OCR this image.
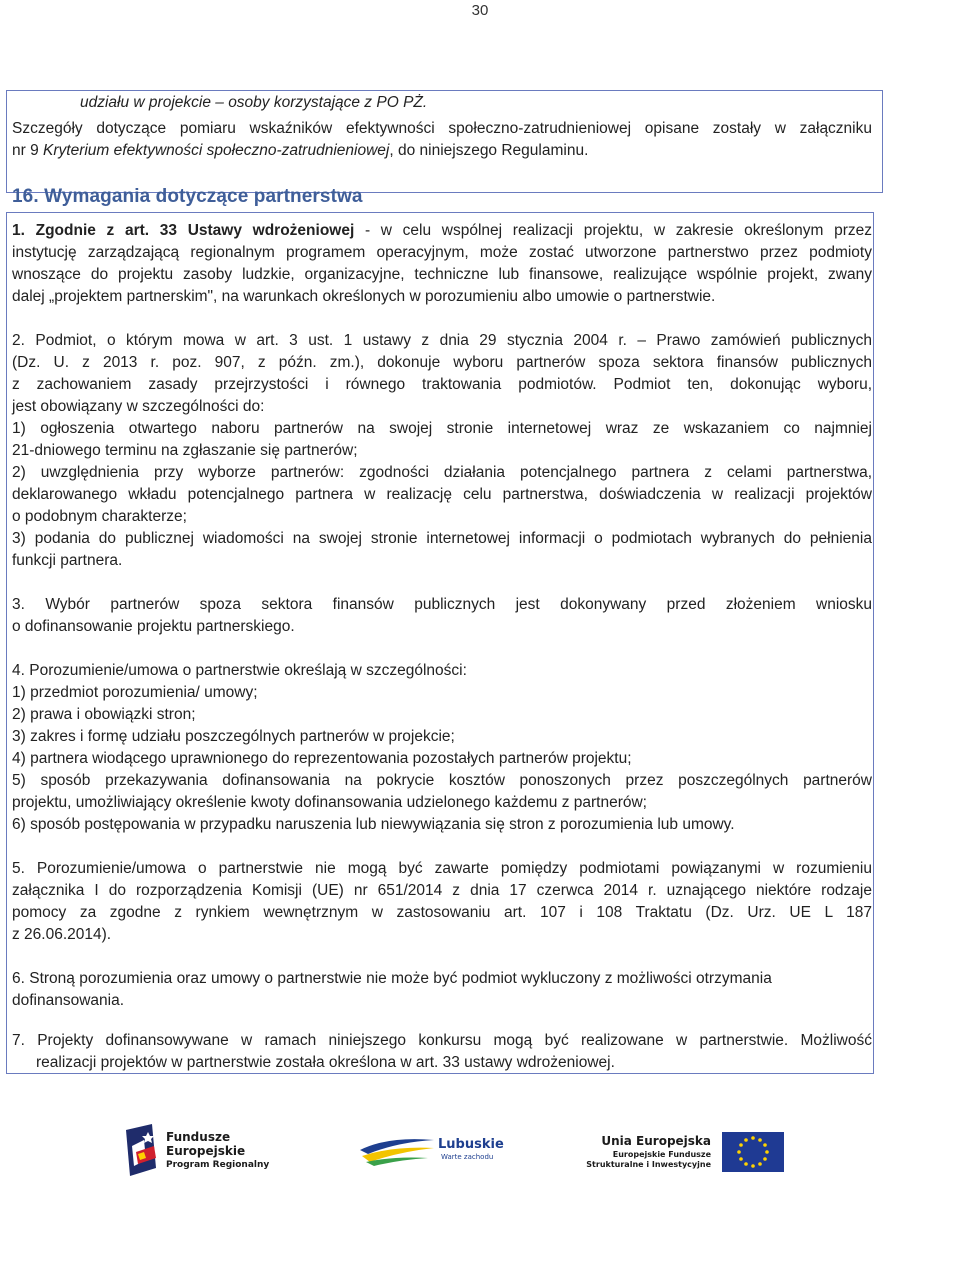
30
udziału w projekcie – osoby korzystające z PO PŻ.
Szczegóły dotyczące pomiaru wskaźników efektywności społeczno-zatrudnieniowej opisane zostały w załączniku
nr 9 Kryterium efektywności społeczno-zatrudnieniowej, do niniejszego Regulaminu.
16. Wymagania dotyczące partnerstwa
1. Zgodnie z art. 33 Ustawy wdrożeniowej - w celu wspólnej realizacji projektu, w zakresie określonym przez
instytucję zarządzającą regionalnym programem operacyjnym, może zostać utworzone partnerstwo przez podmioty
wnoszące do projektu zasoby ludzkie, organizacyjne, techniczne lub finansowe, realizujące wspólnie projekt, zwany
dalej „projektem partnerskim", na warunkach określonych w porozumieniu albo umowie o partnerstwie.
2. Podmiot, o którym mowa w art. 3 ust. 1 ustawy z dnia 29 stycznia 2004 r. – Prawo zamówień publicznych
(Dz. U. z 2013 r. poz. 907, z późn. zm.), dokonuje wyboru partnerów spoza sektora finansów publicznych
z zachowaniem zasady przejrzystości i równego traktowania podmiotów. Podmiot ten, dokonując wyboru,
jest obowiązany w szczególności do:
1) ogłoszenia otwartego naboru partnerów na swojej stronie internetowej wraz ze wskazaniem co najmniej
21-dniowego terminu na zgłaszanie się partnerów;
2) uwzględnienia przy wyborze partnerów: zgodności działania potencjalnego partnera z celami partnerstwa,
deklarowanego wkładu potencjalnego partnera w realizację celu partnerstwa, doświadczenia w realizacji projektów
o podobnym charakterze;
3) podania do publicznej wiadomości na swojej stronie internetowej informacji o podmiotach wybranych do pełnienia
funkcji partnera.
3. Wybór partnerów spoza sektora finansów publicznych jest dokonywany przed złożeniem wniosku
o dofinansowanie projektu partnerskiego.
4. Porozumienie/umowa o partnerstwie określają w szczególności:
1) przedmiot porozumienia/ umowy;
2) prawa i obowiązki stron;
3) zakres i formę udziału poszczególnych partnerów w projekcie;
4) partnera wiodącego uprawnionego do reprezentowania pozostałych partnerów projektu;
5) sposób przekazywania dofinansowania na pokrycie kosztów ponoszonych przez poszczególnych partnerów
projektu, umożliwiający określenie kwoty dofinansowania udzielonego każdemu z partnerów;
6) sposób postępowania w przypadku naruszenia lub niewywiązania się stron z porozumienia lub umowy.
5. Porozumienie/umowa o partnerstwie nie mogą być zawarte pomiędzy podmiotami powiązanymi w rozumieniu
załącznika I do rozporządzenia Komisji (UE) nr 651/2014 z dnia 17 czerwca 2014 r. uznającego niektóre rodzaje
pomocy za zgodne z rynkiem wewnętrznym w zastosowaniu art. 107 i 108 Traktatu (Dz. Urz. UE L 187
z 26.06.2014).
6. Stroną porozumienia oraz umowy o partnerstwie nie może być podmiot wykluczony z możliwości otrzymania
dofinansowania.
7. Projekty dofinansowywane w ramach niniejszego konkursu mogą być realizowane w partnerstwie. Możliwość
realizacji projektów w partnerstwie została określona w art. 33 ustawy wdrożeniowej.
Fundusze
Europejskie
Program Regionalny
Lubuskie
Warte zachodu
Unia Europejska
Europejskie Fundusze
Strukturalne i Inwestycyjne
